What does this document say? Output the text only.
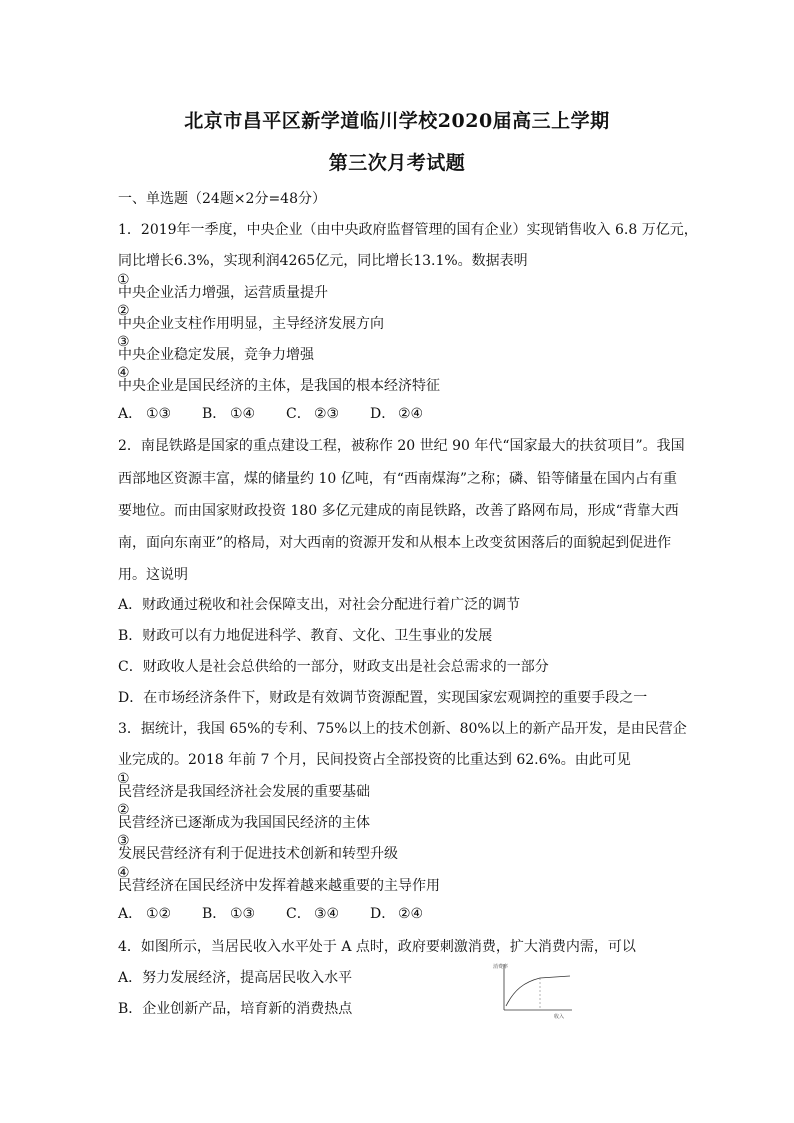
北京市昌平区新学道临川学校2020届高三上学期
第三次月考试题
一、单选题（24题×2分=48分）
1．2019年一季度，中央企业（由中央政府监督管理的国有企业）实现销售收入 6.8 万亿元，
同比增长6.3%，实现利润4265亿元，同比增长13.1%。数据表明
①
中央企业活力增强，运营质量提升
②
中央企业支柱作用明显，主导经济发展方向
③
中央企业稳定发展，竞争力增强
④
中央企业是国民经济的主体，是我国的根本经济特征
A． ①③ B． ①④ C． ②③ D． ②④
2．南昆铁路是国家的重点建设工程，被称作 20 世纪 90 年代“国家最大的扶贫项目”。我国
西部地区资源丰富，煤的储量约 10 亿吨，有“西南煤海”之称；磷、铅等储量在国内占有重
要地位。而由国家财政投资 180 多亿元建成的南昆铁路，改善了路网布局，形成“背靠大西
南，面向东南亚”的格局，对大西南的资源开发和从根本上改变贫困落后的面貌起到促进作
用。这说明
A．财政通过税收和社会保障支出，对社会分配进行着广泛的调节
B．财政可以有力地促进科学、教育、文化、卫生事业的发展
C．财政收人是社会总供给的一部分，财政支出是社会总需求的一部分
D．在市场经济条件下，财政是有效调节资源配置，实现国家宏观调控的重要手段之一
3．据统计，我国 65%的专利、75%以上的技术创新、80%以上的新产品开发，是由民营企
业完成的。2018 年前 7 个月，民间投资占全部投资的比重达到 62.6%。由此可见
①
民营经济是我国经济社会发展的重要基础
②
民营经济已逐渐成为我国国民经济的主体
③
发展民营经济有利于促进技术创新和转型升级
④
民营经济在国民经济中发挥着越来越重要的主导作用
A． ①② B． ①③ C． ③④ D． ②④
4．如图所示，当居民收入水平处于 A 点时，政府要刺激消费，扩大消费内需，可以
A．努力发展经济，提高居民收入水平
B．企业创新产品，培育新的消费热点
消费率
收入
